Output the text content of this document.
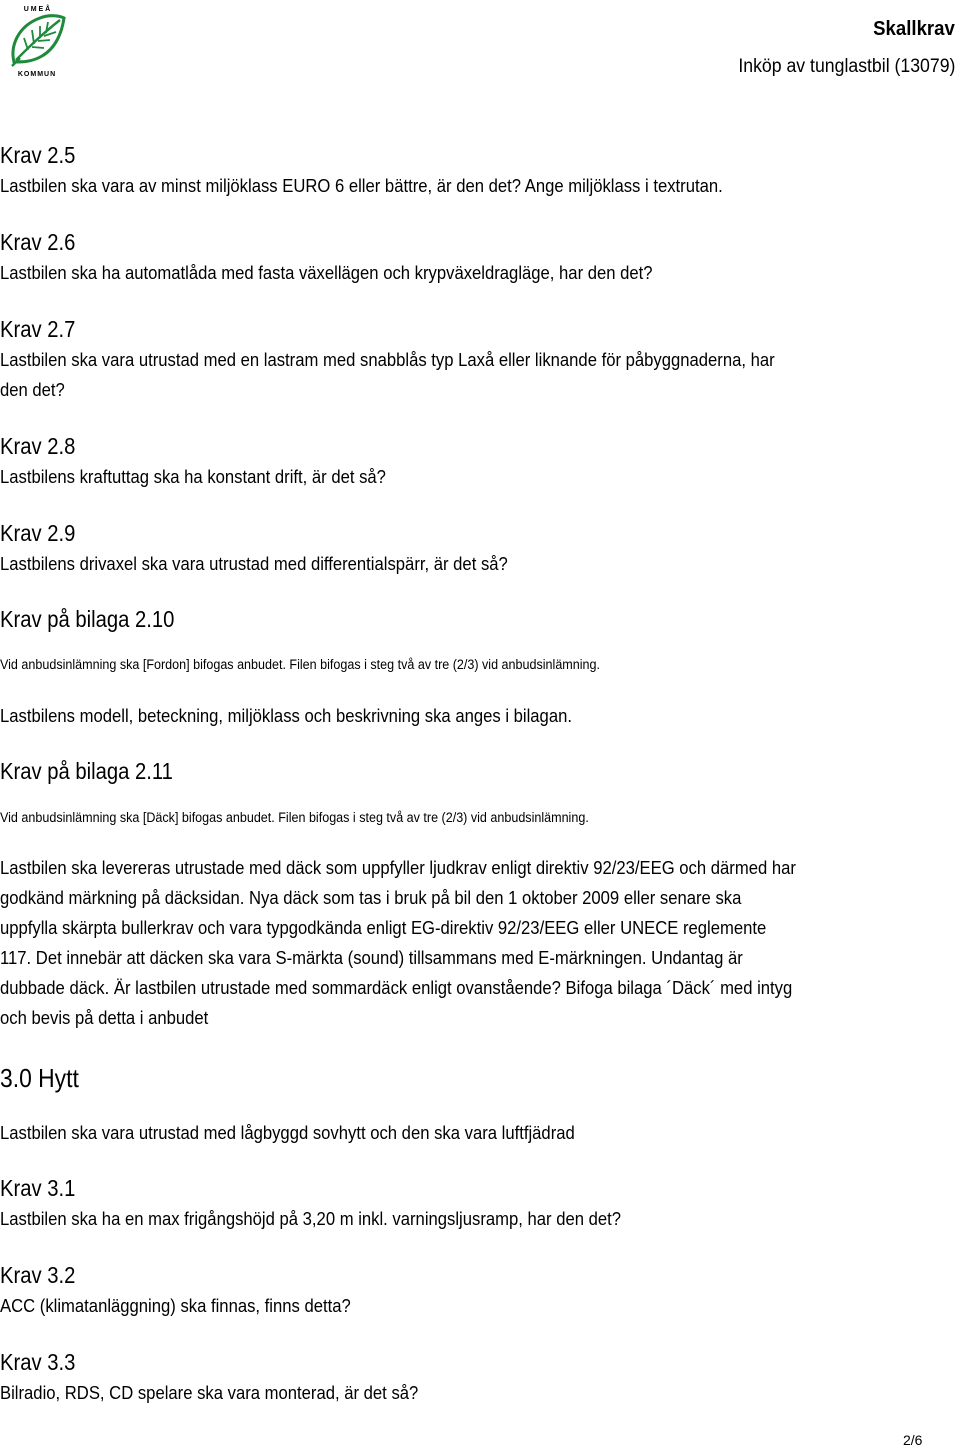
U M E Å
KOMMUN
Skallkrav
Inköp av tunglastbil (13079)
Krav 2.5
Lastbilen ska vara av minst miljöklass EURO 6 eller bättre, är den det? Ange miljöklass i textrutan.
Krav 2.6
Lastbilen ska ha automatlåda med fasta växellägen och krypväxeldragläge, har den det?
Krav 2.7
Lastbilen ska vara utrustad med en lastram med snabblås typ Laxå eller liknande för påbyggnaderna, har
den det?
Krav 2.8
Lastbilens kraftuttag ska ha konstant drift, är det så?
Krav 2.9
Lastbilens drivaxel ska vara utrustad med differentialspärr, är det så?
Krav på bilaga 2.10
Vid anbudsinlämning ska [Fordon] bifogas anbudet. Filen bifogas i steg två av tre (2/3) vid anbudsinlämning.
Lastbilens modell, beteckning, miljöklass och beskrivning ska anges i bilagan.
Krav på bilaga 2.11
Vid anbudsinlämning ska [Däck] bifogas anbudet. Filen bifogas i steg två av tre (2/3) vid anbudsinlämning.
Lastbilen ska levereras utrustade med däck som uppfyller ljudkrav enligt direktiv 92/23/EEG och därmed har
godkänd märkning på däcksidan. Nya däck som tas i bruk på bil den 1 oktober 2009 eller senare ska
uppfylla skärpta bullerkrav och vara typgodkända enligt EG-direktiv 92/23/EEG eller UNECE reglemente
117. Det innebär att däcken ska vara S-märkta (sound) tillsammans med E-märkningen. Undantag är
dubbade däck. Är lastbilen utrustade med sommardäck enligt ovanstående? Bifoga bilaga ´Däck´ med intyg
och bevis på detta i anbudet
3.0 Hytt
Lastbilen ska vara utrustad med lågbyggd sovhytt och den ska vara luftfjädrad
Krav 3.1
Lastbilen ska ha en max frigångshöjd på 3,20 m inkl. varningsljusramp, har den det?
Krav 3.2
ACC (klimatanläggning) ska finnas, finns detta?
Krav 3.3
Bilradio, RDS, CD spelare ska vara monterad, är det så?
2/6
